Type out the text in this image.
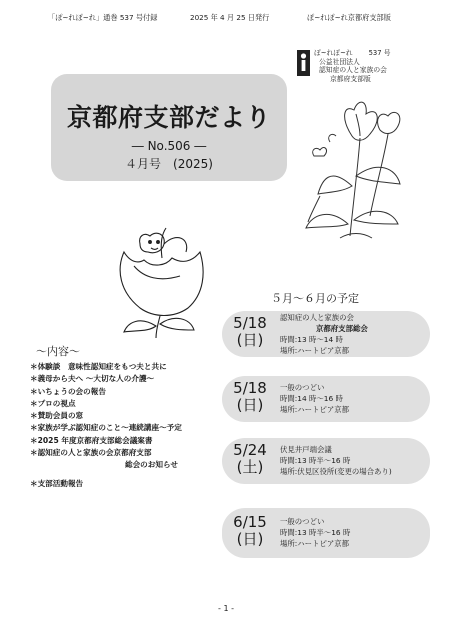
「ぽ~れぽ~れ」通巻 537 号付録	2025 年 4 月 25 日発行	ぽ~れぽ~れ京都府支部版
ぽ~れぽ~れ 537 号
公益社団法人
認知症の人と家族の会
京都府支部版
京都府支部だより
― No.506 ―
４月号　(2025)
５月～６月の予定
～内容～
＊体験談　意味性認知症をもつ夫と共に
＊義母から夫へ ～大切な人の介護～
＊いちょうの会の報告
＊プロの視点
＊賛助会員の窓
＊家族が学ぶ認知症のこと～連続講座～予定
＊2025 年度京都府支部総会議案書
＊認知症の人と家族の会京都府支部
総会のお知らせ
＊支部活動報告
5/18
(日)
認知症の人と家族の会
京都府支部総会
時間:13 時～14 時
場所:ハートピア京都
5/18
(日)
一般のつどい
時間:14 時～16 時
場所:ハートピア京都
5/24
(土)
伏見井戸端会議
時間:13 時半～16 時
場所:伏見区役所(変更の場合あり)
6/15
(日)
一般のつどい
時間:13 時半～16 時
場所:ハートピア京都
- 1 -
